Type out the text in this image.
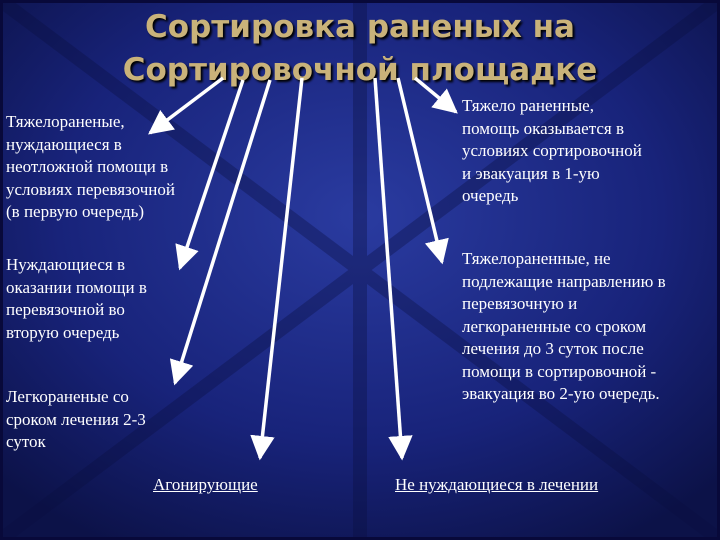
Сортировка раненых на
Сортировочной площадке

Тяжелораненые,
нуждающиеся в
неотложной помощи в
условиях перевязочной
(в первую очередь)

Нуждающиеся в
оказании помощи в
перевязочной во
вторую очередь

Легкораненые со
сроком лечения 2-3
суток

Тяжело раненные,
помощь оказывается в
условиях сортировочной
и эвакуация в 1-ую
очередь

Тяжелораненные, не
подлежащие направлению в
перевязочную и
легкораненные со сроком
лечения до 3 суток после
помощи в сортировочной -
эвакуация во 2-ую очередь.

Агонирующие	Не нуждающиеся в лечении
